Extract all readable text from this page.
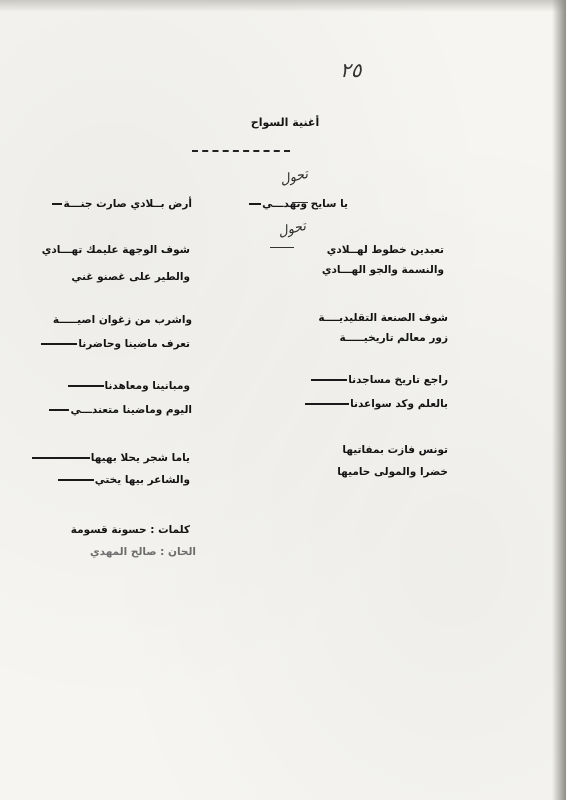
٢٥
أغنية السواح
تحول
تحول
يا سايح وتهدـــي
أرض بــلادي صارت جنـــة
تعبدين خطوط لهــلادي
شوف الوجهة عليمك تهـــادي
والنسمة والجو الهـــادي
والطير على غصنو غني
شوف الصنعة التقليديــــة
واشرب من زغوان اصيـــــة
زور معالم تاريخيـــــة
تعرف ماضينا وحاضرنا
راجع تاريخ مساجدنا
ومبانينا ومعاهدنا
بالعلم وكد سواعدنا
اليوم وماضينا متعندـــي
تونس فازت بمفاتيها
ياما شجر يحلا بهيها
خضرا والمولى حاميها
والشاعر بيها يختي
كلمات : حسونة قسومة
الحان : صالح المهدي
